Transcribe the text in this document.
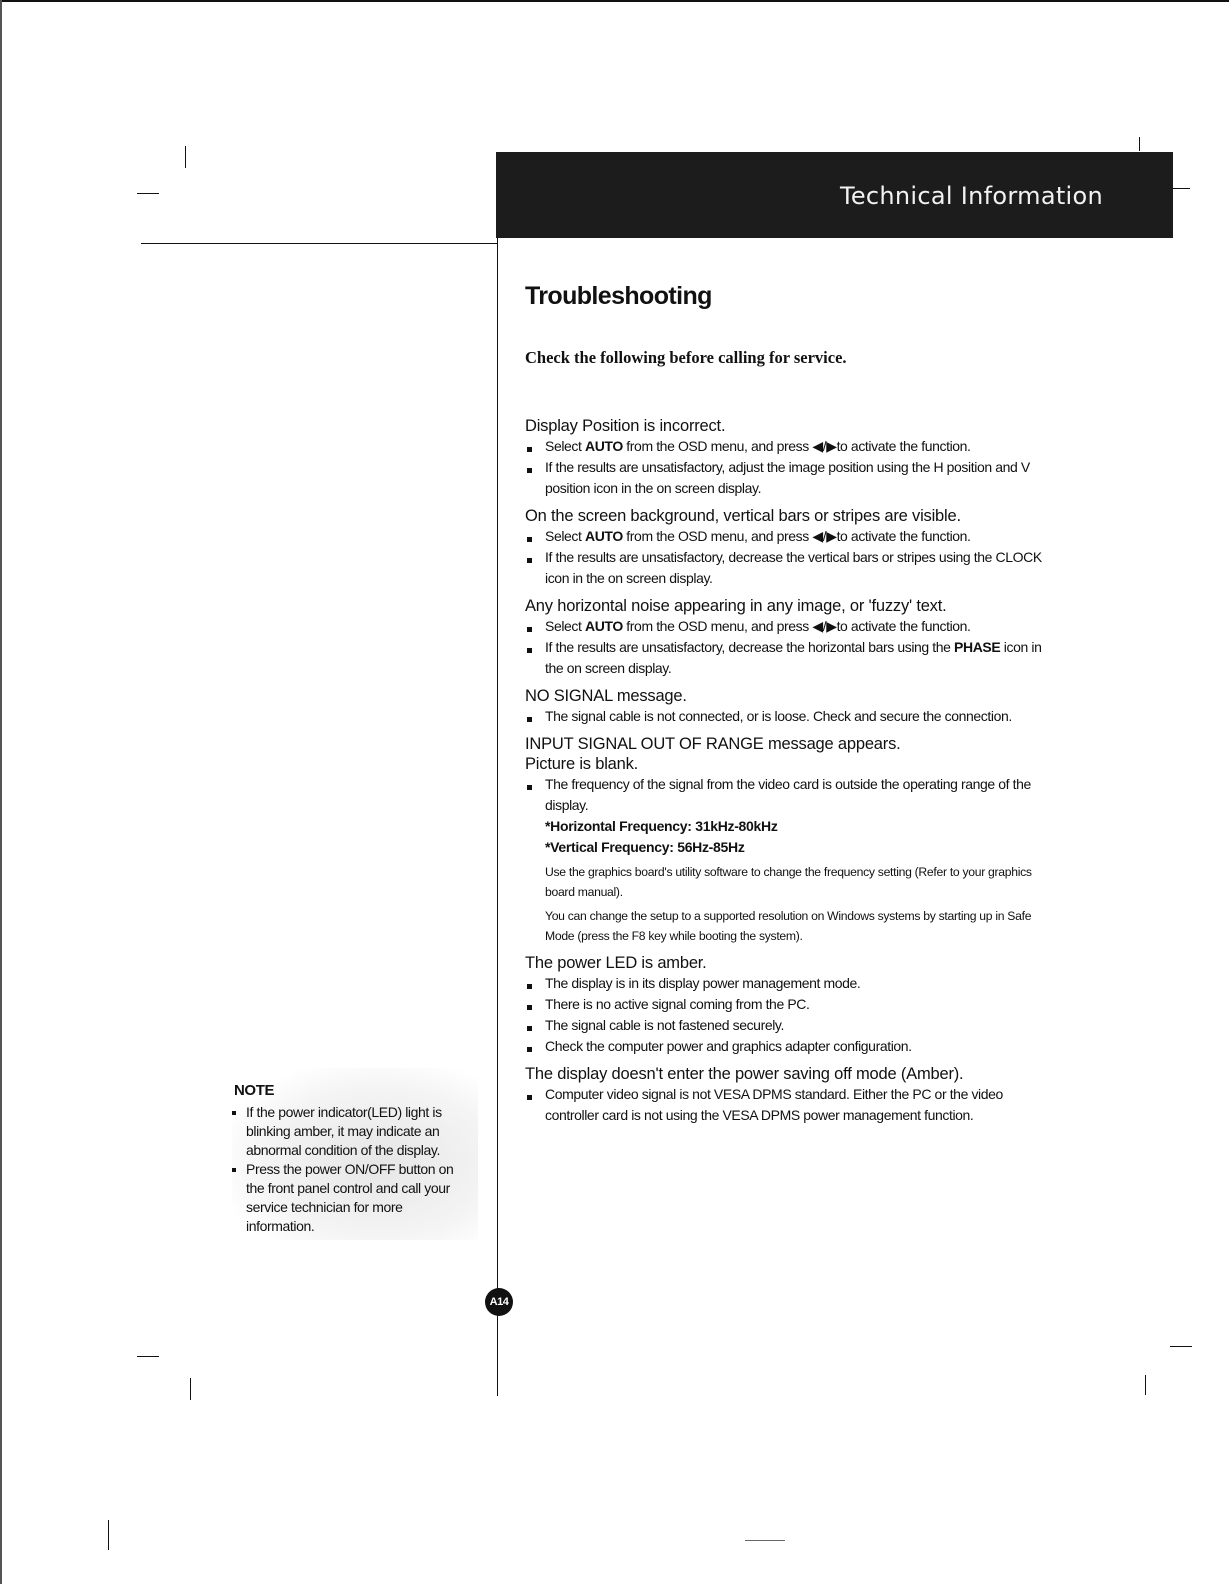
Technical Information
Troubleshooting
Check the following before calling for service.

Display Position is incorrect.

Select AUTO from the OSD menu, and press ◀/▶to activate the function.
If the results are unsatisfactory, adjust the image position using the H position and V position icon in the on screen display.

On the screen background, vertical bars or stripes are visible.

Select AUTO from the OSD menu, and press ◀/▶to activate the function.
If the results are unsatisfactory, decrease the vertical bars or stripes using the CLOCK icon in the on screen display.

Any horizontal noise appearing in any image, or 'fuzzy' text.

Select AUTO from the OSD menu, and press ◀/▶to activate the function.
If the results are unsatisfactory, decrease the horizontal bars using the PHASE icon in the on screen display.

NO SIGNAL message.

The signal cable is not connected, or is loose. Check and secure the connection.

INPUT SIGNAL OUT OF RANGE message appears.

Picture is blank.

The frequency of the signal from the video card is outside the operating range of the display.
*Horizontal Frequency: 31kHz-80kHz
*Vertical Frequency: 56Hz-85Hz
Use the graphics board's utility software to change the frequency setting (Refer to your graphics board manual).
You can change the setup to a supported resolution on Windows systems by starting up in Safe Mode (press the F8 key while booting the system).

The power LED is amber.

The display is in its display power management mode.
There is no active signal coming from the PC.
The signal cable is not fastened securely.
Check the computer power and graphics adapter configuration.

The display doesn't enter the power saving off mode (Amber).

Computer video signal is not VESA DPMS standard. Either the PC or the video controller card is not using the VESA DPMS power management function.

NOTE

If the power indicator(LED) light is blinking amber, it may indicate an abnormal condition of the display.
Press the power ON/OFF button on the front panel control and call your service technician for more information.
A14
